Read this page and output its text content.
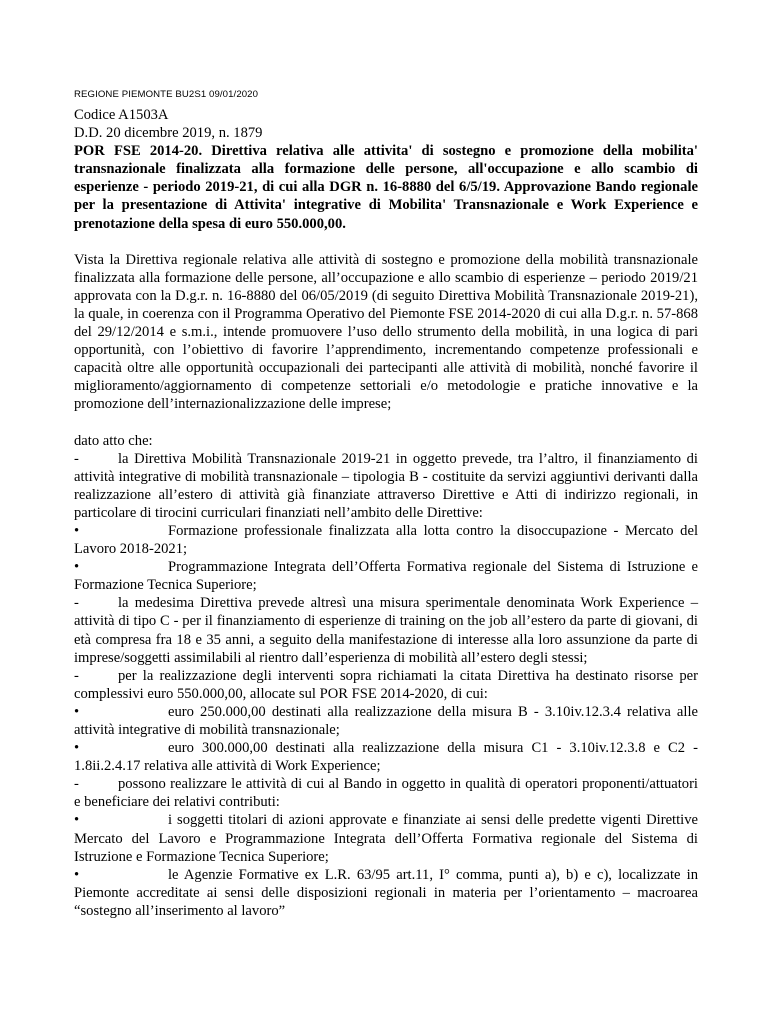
REGIONE PIEMONTE BU2S1 09/01/2020

Codice A1503A

D.D. 20 dicembre 2019, n. 1879

POR FSE 2014-20. Direttiva relativa alle attivita' di sostegno e promozione della mobilita' transnazionale finalizzata alla formazione delle persone, all'occupazione e allo scambio di esperienze - periodo 2019-21, di cui alla DGR n. 16-8880 del 6/5/19. Approvazione Bando regionale per la presentazione di Attivita' integrative di Mobilita' Transnazionale e Work Experience e prenotazione della spesa di euro 550.000,00.

Vista la Direttiva regionale relativa alle attività di sostegno e promozione della mobilità transnazionale finalizzata alla formazione delle persone, all’occupazione e allo scambio di esperienze – periodo 2019/21 approvata con la D.g.r. n. 16-8880 del 06/05/2019 (di seguito Direttiva Mobilità Transnazionale 2019-21), la quale, in coerenza con il Programma Operativo del Piemonte FSE 2014-2020 di cui alla D.g.r. n. 57-868 del 29/12/2014 e s.m.i., intende promuovere l’uso dello strumento della mobilità, in una logica di pari opportunità, con l’obiettivo di favorire l’apprendimento, incrementando competenze professionali e capacità oltre alle opportunità occupazionali dei partecipanti alle attività di mobilità, nonché favorire il miglioramento/aggiornamento di competenze settoriali e/o metodologie e pratiche innovative e la promozione dell’internazionalizzazione delle imprese;

dato atto che:

-	la Direttiva Mobilità Transnazionale 2019-21 in oggetto prevede, tra l’altro, il finanziamento di attività integrative di mobilità transnazionale – tipologia B - costituite da servizi aggiuntivi derivanti dalla realizzazione all’estero di attività già finanziate attraverso Direttive e Atti di indirizzo regionali, in particolare di tirocini curriculari finanziati nell’ambito delle Direttive:

•	Formazione professionale finalizzata alla lotta contro la disoccupazione - Mercato del Lavoro 2018-2021;

•	Programmazione Integrata dell’Offerta Formativa regionale del Sistema di Istruzione e Formazione Tecnica Superiore;

-	la medesima Direttiva prevede altresì una misura sperimentale denominata Work Experience – attività di tipo C - per il finanziamento di esperienze di training on the job all’estero da parte di giovani, di età compresa fra 18 e 35 anni, a seguito della manifestazione di interesse alla loro assunzione da parte di imprese/soggetti assimilabili al rientro dall’esperienza di mobilità all’estero degli stessi;

-	per la realizzazione degli interventi sopra richiamati la citata Direttiva ha destinato risorse per complessivi euro 550.000,00, allocate sul POR FSE 2014-2020, di cui:

•	euro 250.000,00 destinati alla realizzazione della misura B - 3.10iv.12.3.4 relativa alle attività integrative di mobilità transnazionale;

•	euro 300.000,00 destinati alla realizzazione della misura C1 - 3.10iv.12.3.8 e C2 - 1.8ii.2.4.17 relativa alle attività di Work Experience;

-	possono realizzare le attività di cui al Bando in oggetto in qualità di operatori proponenti/attuatori e beneficiare dei relativi contributi:

•	i soggetti titolari di azioni approvate e finanziate ai sensi delle predette vigenti Direttive Mercato del Lavoro e Programmazione Integrata dell’Offerta Formativa regionale del Sistema di Istruzione e Formazione Tecnica Superiore;

•	le Agenzie Formative ex L.R. 63/95 art.11, I° comma, punti a), b) e c), localizzate in Piemonte accreditate ai sensi delle disposizioni regionali in materia per l’orientamento – macroarea “sostegno all’inserimento al lavoro”
